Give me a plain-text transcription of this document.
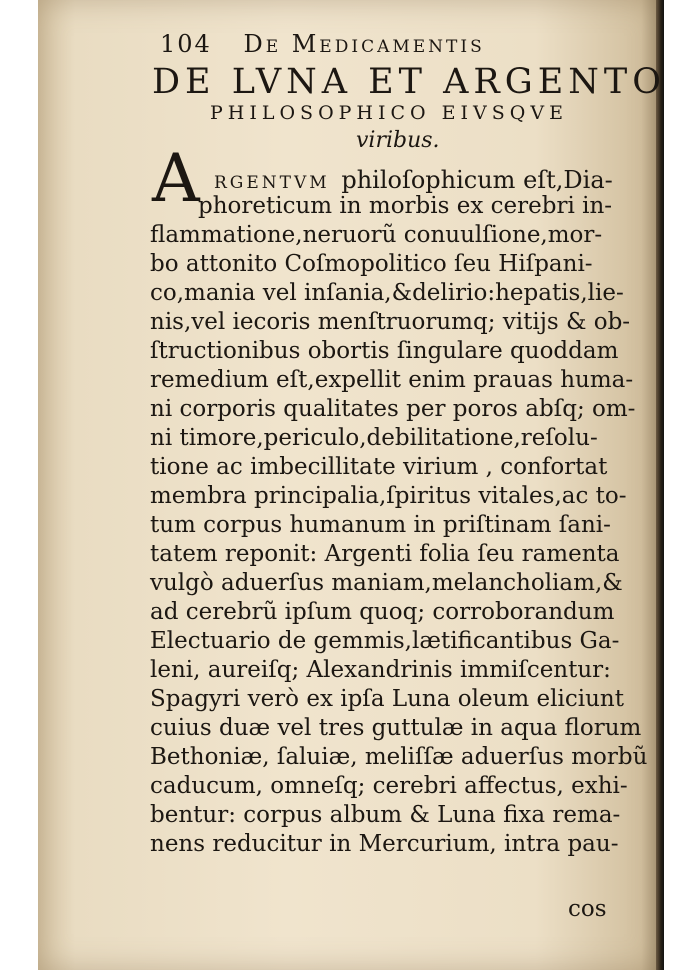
104 De Medicamentis
DE LVNA ET ARGENTO
PHILOSOPHICO EIVSQVE
viribus.
A RGENTVM philoſophicum eſt,Dia-
phoreticum in morbis ex cerebri in-
flammatione,neruorũ conuulſione,mor-
bo attonito Coſmopolitico ſeu Hiſpani-
co,mania vel inſania,&delirio:hepatis,lie-
nis,vel iecoris menſtruorumq; vitijs & ob-
ſtructionibus obortis ſingulare quoddam
remedium eſt,expellit enim prauas huma-
ni corporis qualitates per poros abſq; om-
ni timore,periculo,debilitatione,reſolu-
tione ac imbecillitate virium , confortat
membra principalia,ſpiritus vitales,ac to-
tum corpus humanum in priſtinam ſani-
tatem reponit: Argenti folia ſeu ramenta
vulgò aduerſus maniam,melancholiam,&
ad cerebrũ ipſum quoq; corroborandum
Electuario de gemmis,lætificantibus Ga-
leni, aureiſq; Alexandrinis immiſcentur:
Spagyri verò ex ipſa Luna oleum eliciunt
cuius duæ vel tres guttulæ in aqua florum
Bethoniæ, ſaluiæ, meliſſæ aduerſus morbũ
caducum, omneſq; cerebri affectus, exhi-
bentur: corpus album & Luna fixa rema-
nens reducitur in Mercurium, intra pau-
cos
